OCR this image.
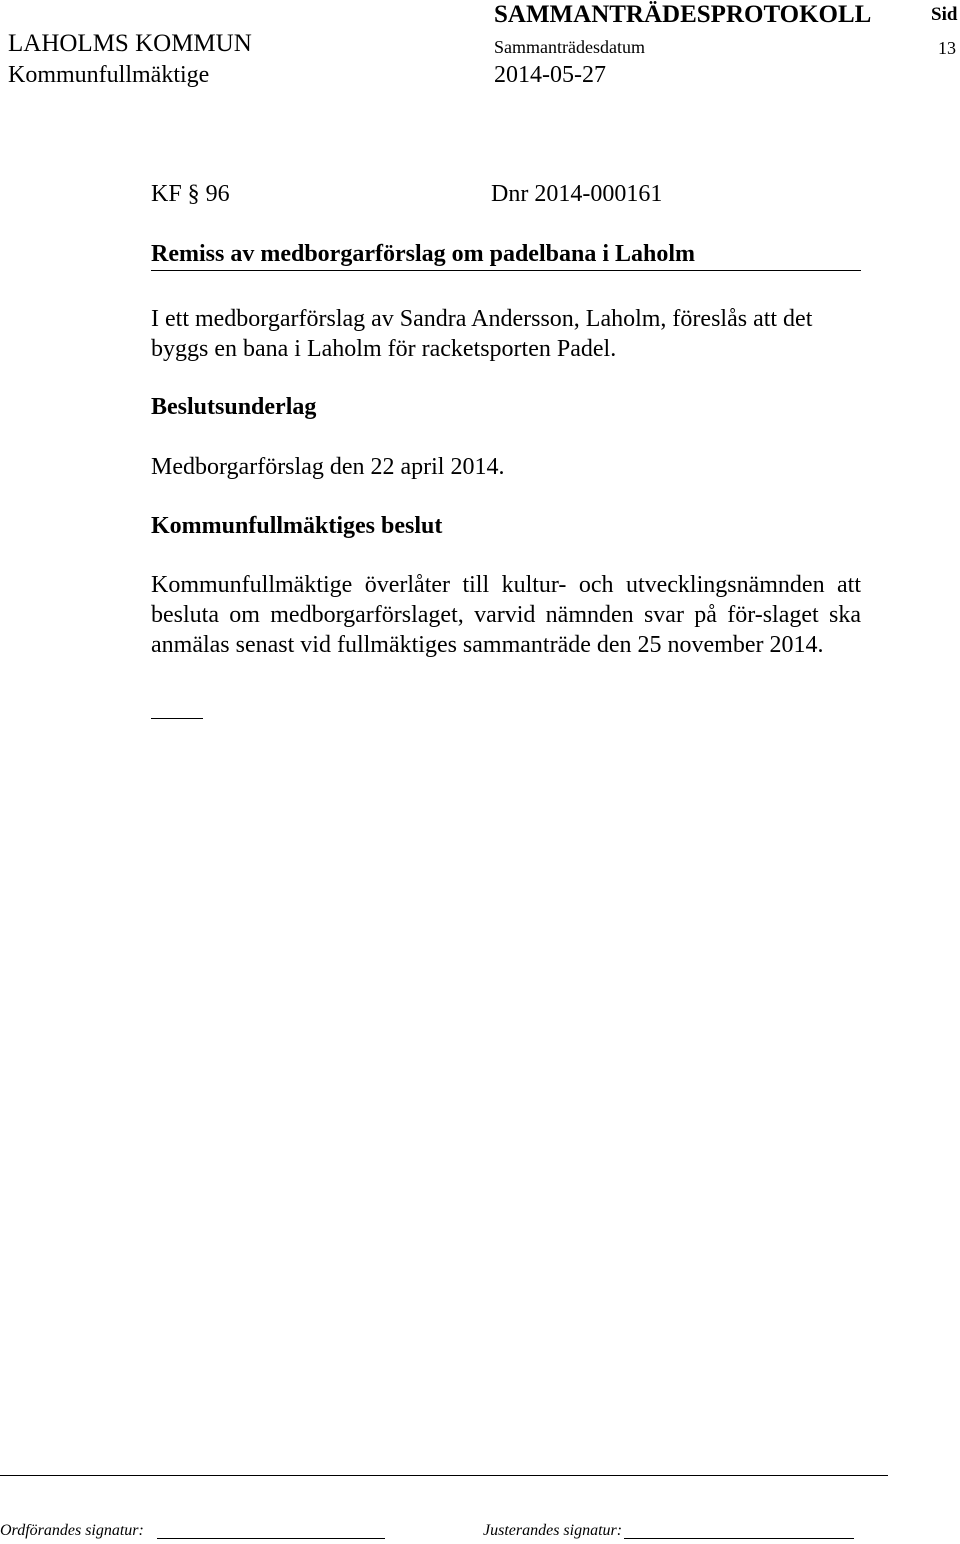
SAMMANTRÄDESPROTOKOLL	Sid
LAHOLMS KOMMUN	Sammanträdesdatum	13
Kommunfullmäktige	2014-05-27
KF § 96	Dnr 2014-000161
Remiss av medborgarförslag om padelbana i Laholm
I ett medborgarförslag av Sandra Andersson, Laholm, föreslås att det byggs en bana i Laholm för racketsporten Padel.
Beslutsunderlag
Medborgarförslag den 22 april 2014.
Kommunfullmäktiges beslut
Kommunfullmäktige överlåter till kultur- och utvecklingsnämnden att besluta om medborgarförslaget, varvid nämnden svar på för-slaget ska anmälas senast vid fullmäktiges sammanträde den 25 november 2014.
Ordförandes signatur:	Justerandes signatur:
